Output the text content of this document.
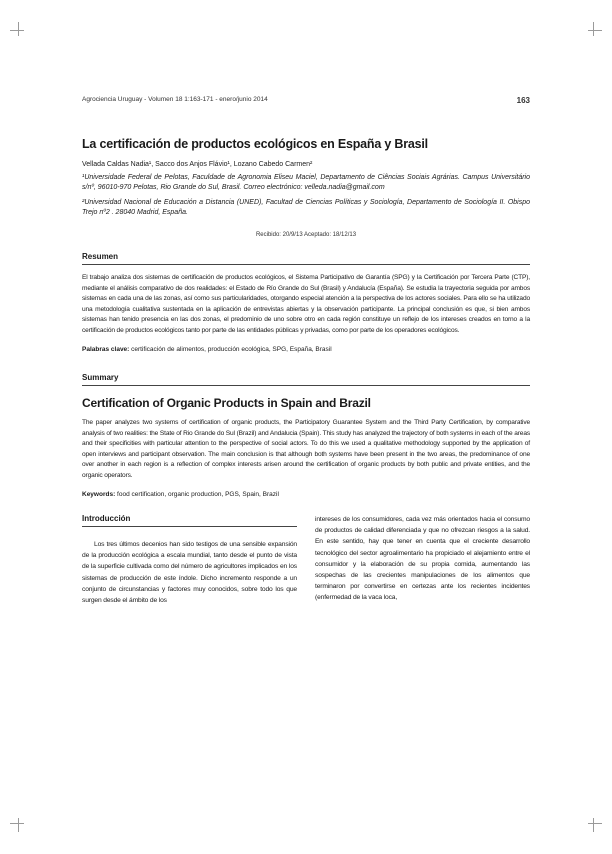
Agrociencia Uruguay - Volumen 18 1:163-171 - enero/junio 2014	163
La certificación de productos ecológicos en España y Brasil
Vellada Caldas Nadia¹, Sacco dos Anjos Flávio¹, Lozano Cabedo Carmen²
¹Universidade Federal de Pelotas, Faculdade de Agronomia Eliseu Maciel, Departamento de Ciências Sociais Agrárias. Campus Universitário s/nº, 96010-970 Pelotas, Rio Grande do Sul, Brasil. Correo electrónico: velleda.nadia@gmail.com
²Universidad Nacional de Educación a Distancia (UNED), Facultad de Ciencias Políticas y Sociología, Departamento de Sociología II. Obispo Trejo nº2 . 28040 Madrid, España.
Recibido: 20/9/13 Aceptado: 18/12/13
Resumen
El trabajo analiza dos sistemas de certificación de productos ecológicos, el Sistema Participativo de Garantía (SPG) y la Certificación por Tercera Parte (CTP), mediante el análisis comparativo de dos realidades: el Estado de Río Grande do Sul (Brasil) y Andalucía (España). Se estudia la trayectoria seguida por ambos sistemas en cada una de las zonas, así como sus particularidades, otorgando especial atención a la perspectiva de los actores sociales. Para ello se ha utilizado una metodología cualitativa sustentada en la aplicación de entrevistas abiertas y la observación participante. La principal conclusión es que, si bien ambos sistemas han tenido presencia en las dos zonas, el predominio de uno sobre otro en cada región constituye un reflejo de los intereses creados en torno a la certificación de productos ecológicos tanto por parte de las entidades públicas y privadas, como por parte de los operadores ecológicos.
Palabras clave: certificación de alimentos, producción ecológica, SPG, España, Brasil
Summary
Certification of Organic Products in Spain and Brazil
The paper analyzes two systems of certification of organic products, the Participatory Guarantee System and the Third Party Certification, by comparative analysis of two realities: the State of Rio Grande do Sul (Brazil) and Andalucia (Spain). This study has analyzed the trajectory of both systems in each of the areas and their specificities with particular attention to the perspective of social actors. To do this we used a qualitative methodology supported by the application of open interviews and participant observation. The main conclusion is that although both systems have been present in the two areas, the predominance of one over another in each region is a reflection of complex interests arisen around the certification of organic products by both public and private entities, and the organic operators.
Keywords: food certification, organic production, PGS, Spain, Brazil
Introducción
Los tres últimos decenios han sido testigos de una sensible expansión de la producción ecológica a escala mundial, tanto desde el punto de vista de la superficie cultivada como del número de agricultores implicados en los sistemas de producción de este índole. Dicho incremento responde a un conjunto de circunstancias y factores muy conocidos, sobre todo los que surgen desde el ámbito de los
intereses de los consumidores, cada vez más orientados hacia el consumo de productos de calidad diferenciada y que no ofrezcan riesgos a la salud. En este sentido, hay que tener en cuenta que el creciente desarrollo tecnológico del sector agroalimentario ha propiciado el alejamiento entre el consumidor y la elaboración de su propia comida, aumentando las sospechas de las crecientes manipulaciones de los alimentos que terminaron por convertirse en certezas ante los recientes incidentes (enfermedad de la vaca loca,
